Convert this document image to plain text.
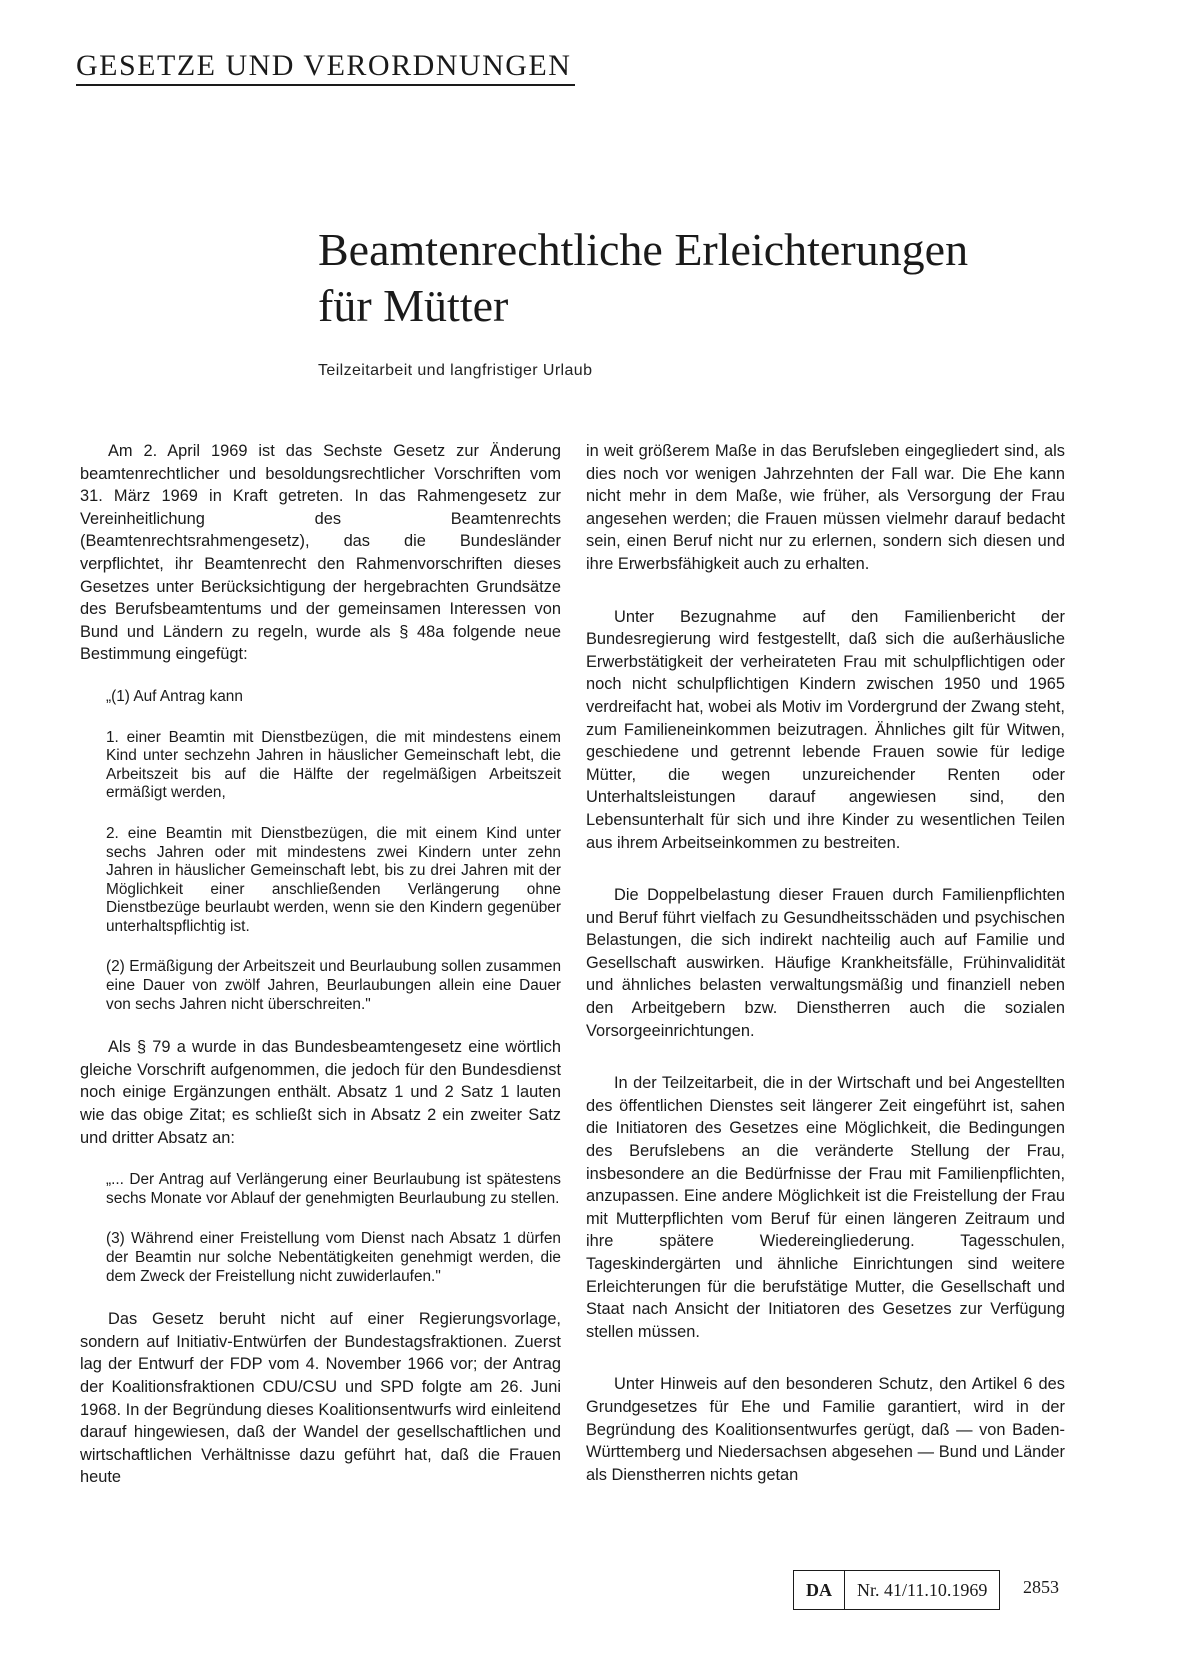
GESETZE UND VERORDNUNGEN
Beamtenrechtliche Erleichterungen
für Mütter
Teilzeitarbeit und langfristiger Urlaub

Am 2. April 1969 ist das Sechste Gesetz zur Änderung beamtenrechtlicher und besoldungsrechtlicher Vorschriften vom 31. März 1969 in Kraft getreten. In das Rahmengesetz zur Vereinheitlichung des Beamtenrechts (Beamtenrechtsrahmengesetz), das die Bundesländer verpflichtet, ihr Beamtenrecht den Rahmenvorschriften dieses Gesetzes unter Berücksichtigung der hergebrachten Grundsätze des Berufsbeamtentums und der gemeinsamen Interessen von Bund und Ländern zu regeln, wurde als § 48a folgende neue Bestimmung eingefügt:

„(1) Auf Antrag kann

1. einer Beamtin mit Dienstbezügen, die mit mindestens einem Kind unter sechzehn Jahren in häuslicher Gemeinschaft lebt, die Arbeitszeit bis auf die Hälfte der regelmäßigen Arbeitszeit ermäßigt werden,

2. eine Beamtin mit Dienstbezügen, die mit einem Kind unter sechs Jahren oder mit mindestens zwei Kindern unter zehn Jahren in häuslicher Gemeinschaft lebt, bis zu drei Jahren mit der Möglichkeit einer anschließenden Verlängerung ohne Dienstbezüge beurlaubt werden, wenn sie den Kindern gegenüber unterhaltspflichtig ist.

(2) Ermäßigung der Arbeitszeit und Beurlaubung sollen zusammen eine Dauer von zwölf Jahren, Beurlaubungen allein eine Dauer von sechs Jahren nicht überschreiten."

Als § 79 a wurde in das Bundesbeamtengesetz eine wörtlich gleiche Vorschrift aufgenommen, die jedoch für den Bundesdienst noch einige Ergänzungen enthält. Absatz 1 und 2 Satz 1 lauten wie das obige Zitat; es schließt sich in Absatz 2 ein zweiter Satz und dritter Absatz an:

„... Der Antrag auf Verlängerung einer Beurlaubung ist spätestens sechs Monate vor Ablauf der genehmigten Beurlaubung zu stellen.

(3) Während einer Freistellung vom Dienst nach Absatz 1 dürfen der Beamtin nur solche Nebentätigkeiten genehmigt werden, die dem Zweck der Freistellung nicht zuwiderlaufen."

Das Gesetz beruht nicht auf einer Regierungsvorlage, sondern auf Initiativ-Entwürfen der Bundestagsfraktionen. Zuerst lag der Entwurf der FDP vom 4. November 1966 vor; der Antrag der Koalitionsfraktionen CDU/CSU und SPD folgte am 26. Juni 1968. In der Begründung dieses Koalitionsentwurfs wird einleitend darauf hingewiesen, daß der Wandel der gesellschaftlichen und wirtschaftlichen Verhältnisse dazu geführt hat, daß die Frauen heute

in weit größerem Maße in das Berufsleben eingegliedert sind, als dies noch vor wenigen Jahrzehnten der Fall war. Die Ehe kann nicht mehr in dem Maße, wie früher, als Versorgung der Frau angesehen werden; die Frauen müssen vielmehr darauf bedacht sein, einen Beruf nicht nur zu erlernen, sondern sich diesen und ihre Erwerbsfähigkeit auch zu erhalten.

Unter Bezugnahme auf den Familienbericht der Bundesregierung wird festgestellt, daß sich die außerhäusliche Erwerbstätigkeit der verheirateten Frau mit schulpflichtigen oder noch nicht schulpflichtigen Kindern zwischen 1950 und 1965 verdreifacht hat, wobei als Motiv im Vordergrund der Zwang steht, zum Familieneinkommen beizutragen. Ähnliches gilt für Witwen, geschiedene und getrennt lebende Frauen sowie für ledige Mütter, die wegen unzureichender Renten oder Unterhaltsleistungen darauf angewiesen sind, den Lebensunterhalt für sich und ihre Kinder zu wesentlichen Teilen aus ihrem Arbeitseinkommen zu bestreiten.

Die Doppelbelastung dieser Frauen durch Familienpflichten und Beruf führt vielfach zu Gesundheitsschäden und psychischen Belastungen, die sich indirekt nachteilig auch auf Familie und Gesellschaft auswirken. Häufige Krankheitsfälle, Frühinvalidität und ähnliches belasten verwaltungsmäßig und finanziell neben den Arbeitgebern bzw. Dienstherren auch die sozialen Vorsorgeeinrichtungen.

In der Teilzeitarbeit, die in der Wirtschaft und bei Angestellten des öffentlichen Dienstes seit längerer Zeit eingeführt ist, sahen die Initiatoren des Gesetzes eine Möglichkeit, die Bedingungen des Berufslebens an die veränderte Stellung der Frau, insbesondere an die Bedürfnisse der Frau mit Familienpflichten, anzupassen. Eine andere Möglichkeit ist die Freistellung der Frau mit Mutterpflichten vom Beruf für einen längeren Zeitraum und ihre spätere Wiedereingliederung. Tagesschulen, Tageskindergärten und ähnliche Einrichtungen sind weitere Erleichterungen für die berufstätige Mutter, die Gesellschaft und Staat nach Ansicht der Initiatoren des Gesetzes zur Verfügung stellen müssen.

Unter Hinweis auf den besonderen Schutz, den Artikel 6 des Grundgesetzes für Ehe und Familie garantiert, wird in der Begründung des Koalitionsentwurfes gerügt, daß — von Baden-Württemberg und Niedersachsen abgesehen — Bund und Länder als Dienstherren nichts getan

DA	Nr. 41/11.10.1969	2853
